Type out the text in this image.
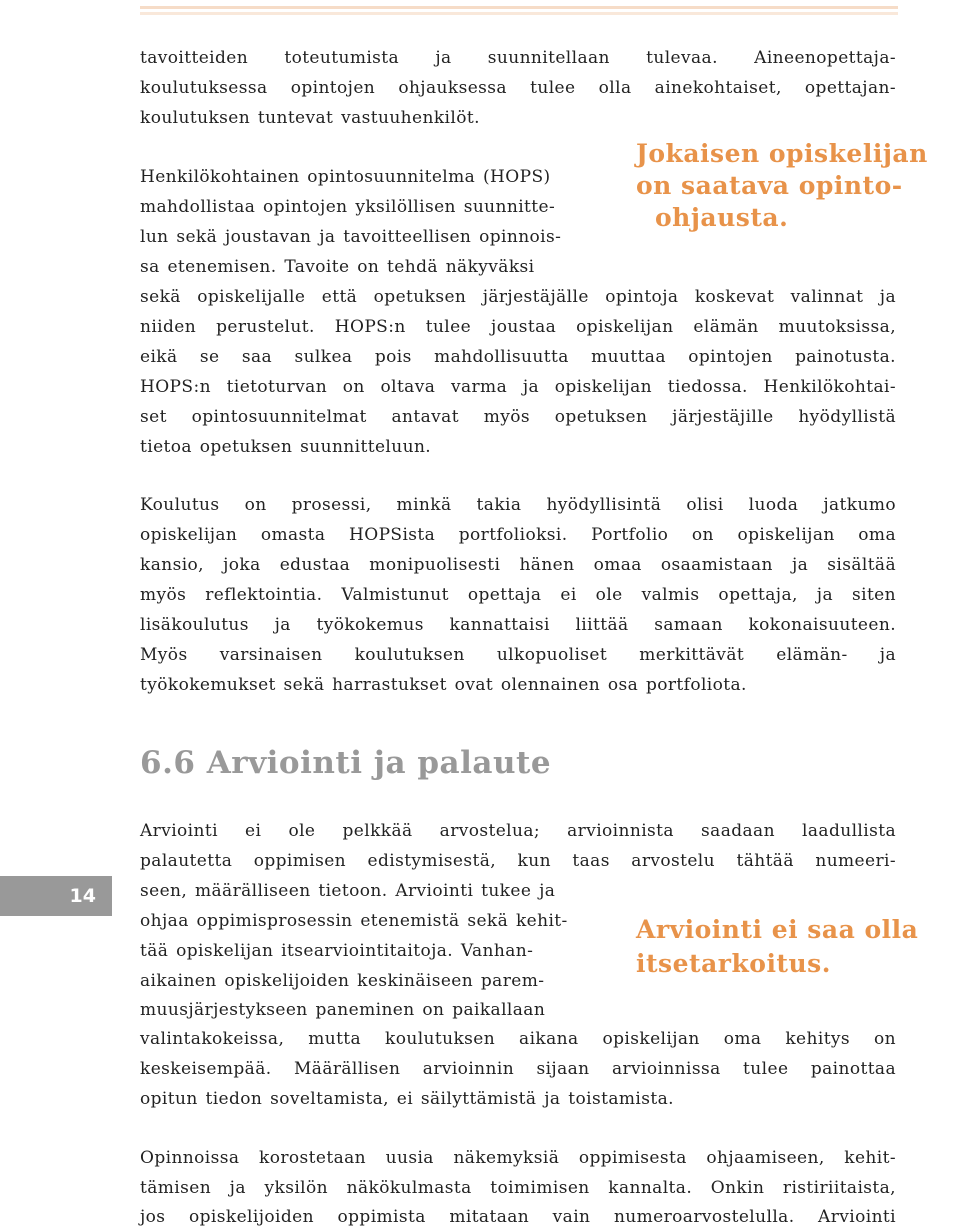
tavoitteiden toteutumista ja suunnitellaan tulevaa. Aineenopettaja-

koulutuksessa opintojen ohjauksessa tulee olla ainekohtaiset, opettajan-

koulutuksen tuntevat vastuuhenkilöt.

Henkilökohtainen opintosuunnitelma (HOPS)

mahdollistaa opintojen yksilöllisen suunnitte-

lun sekä joustavan ja tavoitteellisen opinnois-

sa etenemisen. Tavoite on tehdä näkyväksi

sekä opiskelijalle että opetuksen järjestäjälle opintoja koskevat valinnat ja

niiden perustelut. HOPS:n tulee joustaa opiskelijan elämän muutoksissa,

eikä se saa sulkea pois mahdollisuutta muuttaa opintojen painotusta.

HOPS:n tietoturvan on oltava varma ja opiskelijan tiedossa. Henkilökohtai-

set opintosuunnitelmat antavat myös opetuksen järjestäjille hyödyllistä

tietoa opetuksen suunnitteluun.

Jokaisen opiskelijan

on saatava opinto-

ohjausta.

Koulutus on prosessi, minkä takia hyödyllisintä olisi luoda jatkumo

opiskelijan omasta HOPSista portfolioksi. Portfolio on opiskelijan oma

kansio, joka edustaa monipuolisesti hänen omaa osaamistaan ja sisältää

myös reflektointia. Valmistunut opettaja ei ole valmis opettaja, ja siten

lisäkoulutus ja työkokemus kannattaisi liittää samaan kokonaisuuteen.

Myös varsinaisen koulutuksen ulkopuoliset merkittävät elämän- ja

työkokemukset sekä harrastukset ovat olennainen osa portfoliota.

6.6 Arviointi ja palaute
14

Arviointi ei ole pelkkää arvostelua; arvioinnista saadaan laadullista

palautetta oppimisen edistymisestä, kun taas arvostelu tähtää numeeri-

seen, määrälliseen tietoon. Arviointi tukee ja

ohjaa oppimisprosessin etenemistä sekä kehit-

tää opiskelijan itsearviointitaitoja. Vanhan-

aikainen opiskelijoiden keskinäiseen parem-

muusjärjestykseen paneminen on paikallaan

valintakokeissa, mutta koulutuksen aikana opiskelijan oma kehitys on

keskeisempää. Määrällisen arvioinnin sijaan arvioinnissa tulee painottaa

opitun tiedon soveltamista, ei säilyttämistä ja toistamista.

Arviointi ei saa olla

itsetarkoitus.

Opinnoissa korostetaan uusia näkemyksiä oppimisesta ohjaamiseen, kehit-

tämisen ja yksilön näkökulmasta toimimisen kannalta. Onkin ristiriitaista,

jos opiskelijoiden oppimista mitataan vain numeroarvostelulla. Arviointi
